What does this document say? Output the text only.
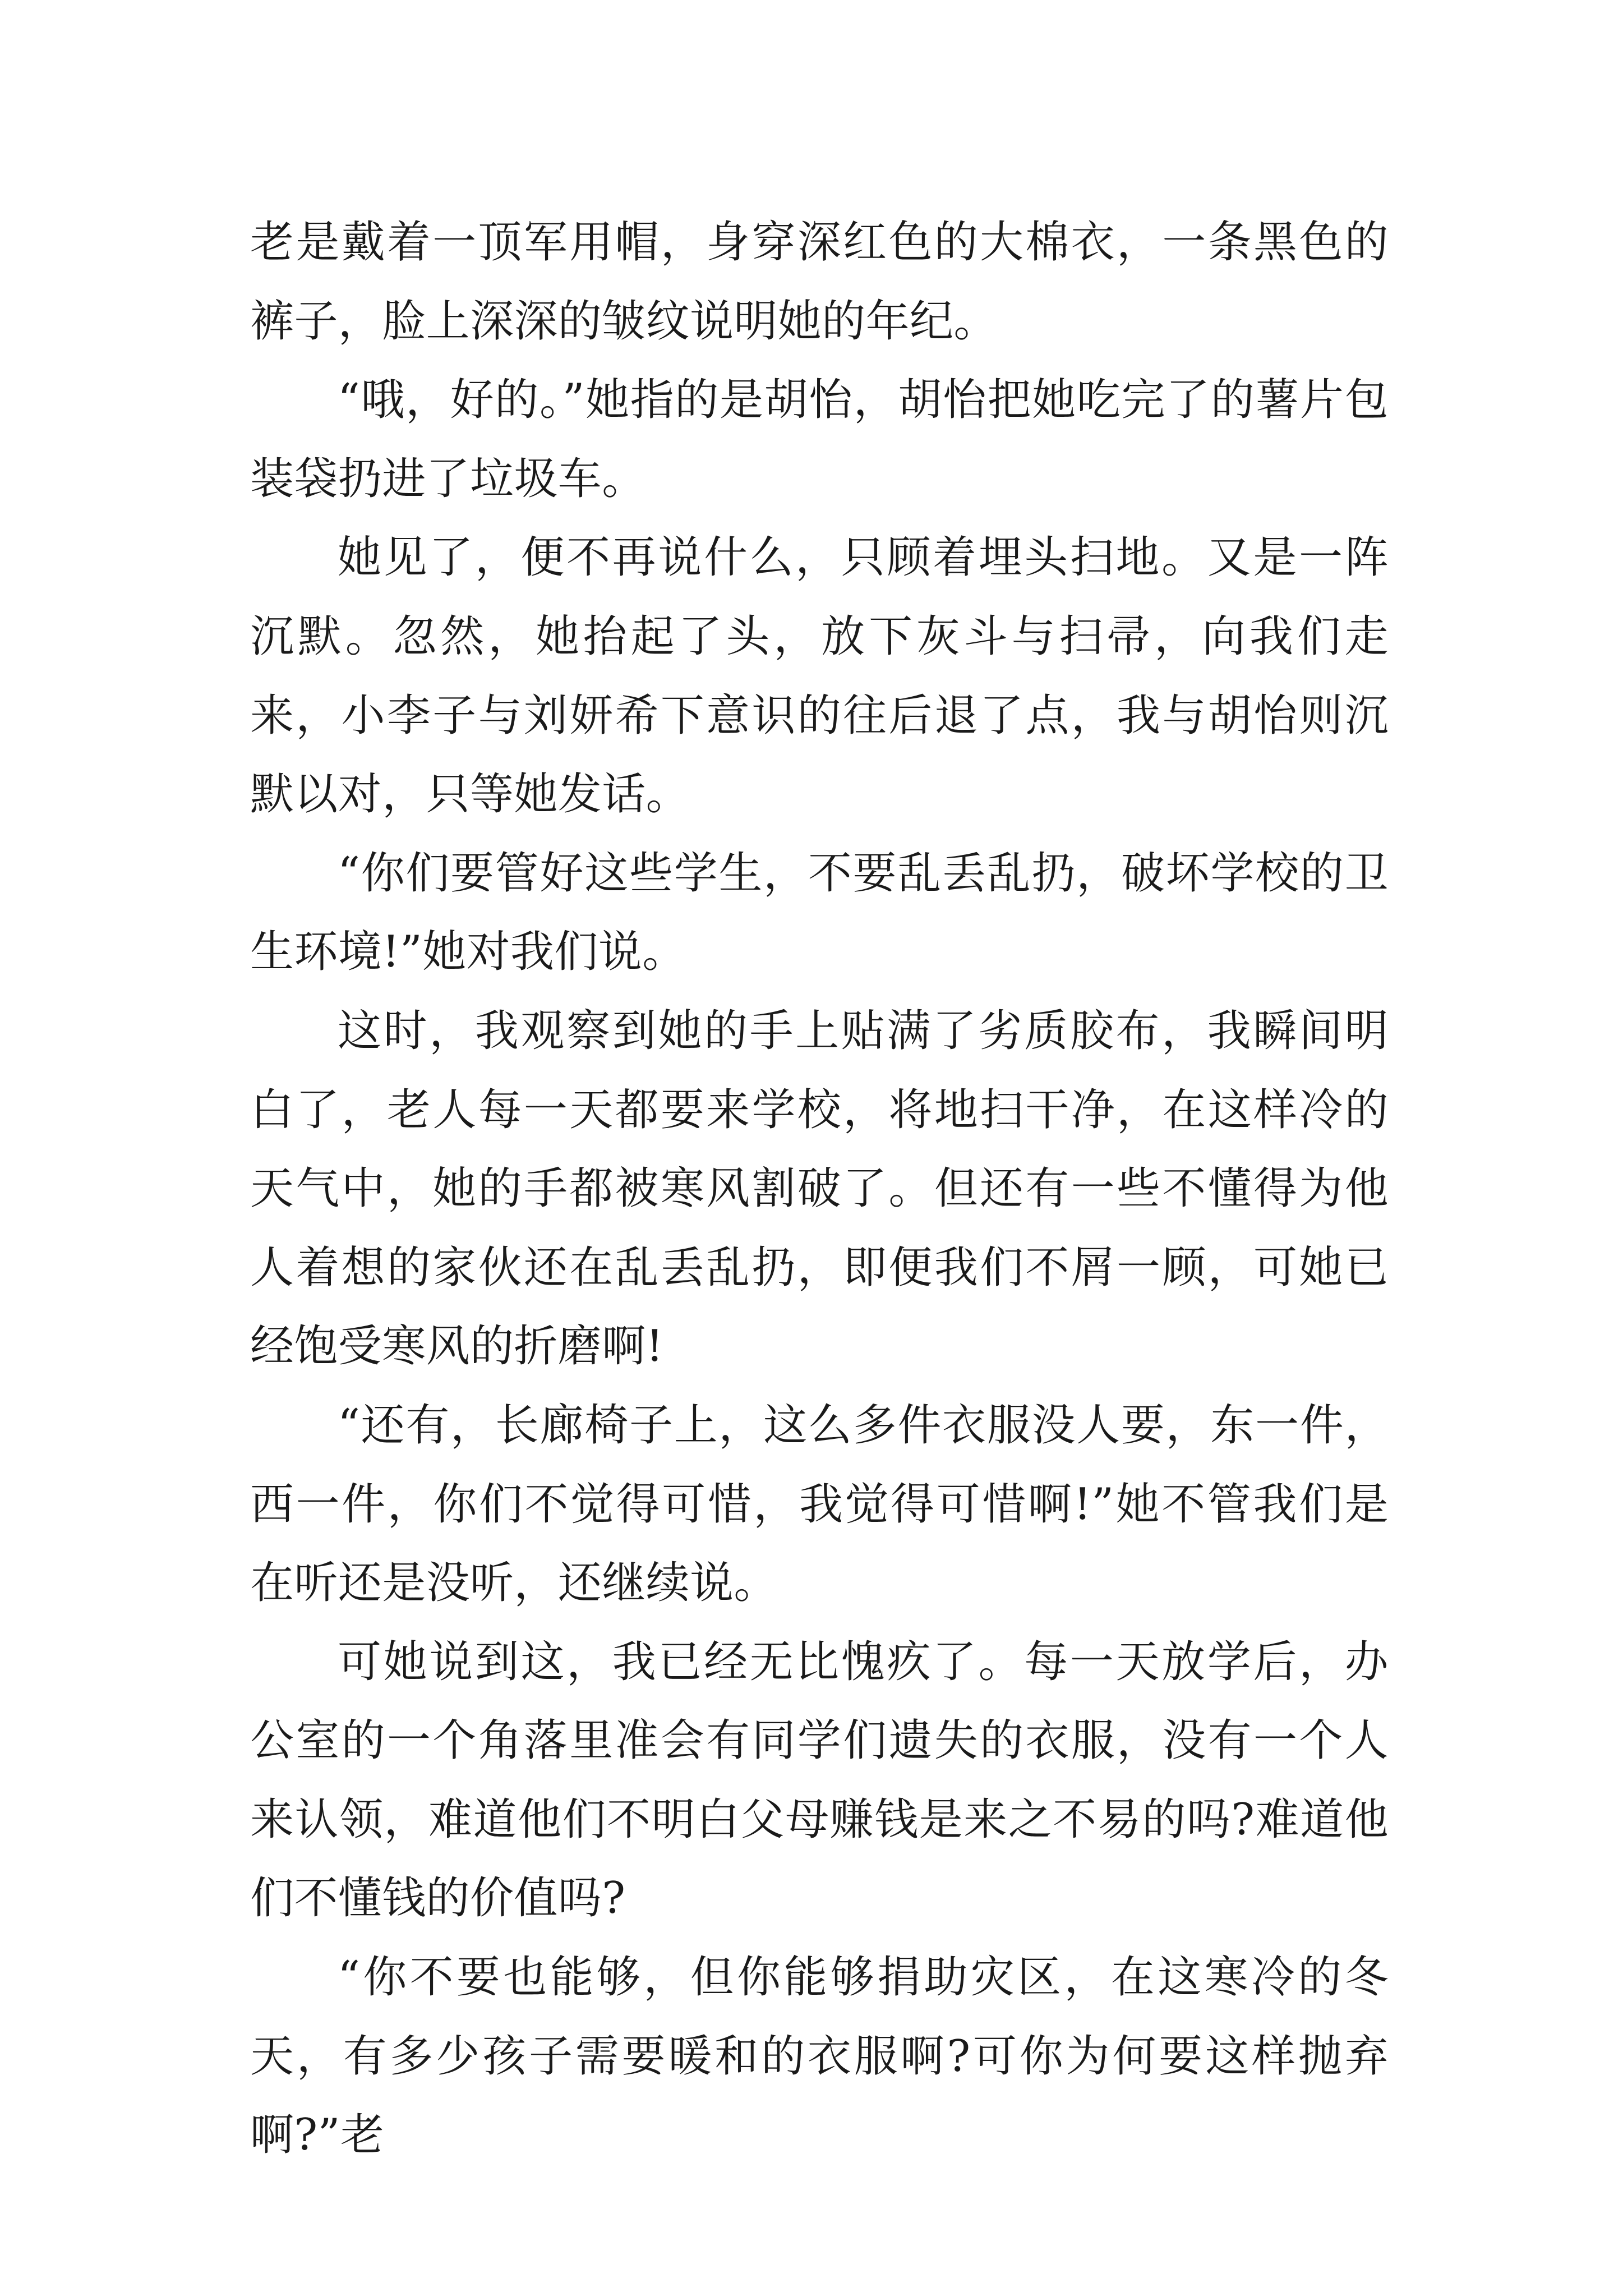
老是戴着一顶军用帽，身穿深红色的大棉衣，一条黑色的裤子，脸上深深的皱纹说明她的年纪。

“哦，好的。”她指的是胡怡，胡怡把她吃完了的薯片包装袋扔进了垃圾车。

她见了，便不再说什么，只顾着埋头扫地。又是一阵沉默。忽然，她抬起了头，放下灰斗与扫帚，向我们走来，小李子与刘妍希下意识的往后退了点，我与胡怡则沉默以对，只等她发话。

“你们要管好这些学生，不要乱丢乱扔，破坏学校的卫生环境!”她对我们说。

这时，我观察到她的手上贴满了劣质胶布，我瞬间明白了，老人每一天都要来学校，将地扫干净，在这样冷的天气中，她的手都被寒风割破了。但还有一些不懂得为他人着想的家伙还在乱丢乱扔，即便我们不屑一顾，可她已经饱受寒风的折磨啊!

“还有，长廊椅子上，这么多件衣服没人要，东一件，西一件，你们不觉得可惜，我觉得可惜啊!”她不管我们是在听还是没听，还继续说。

可她说到这，我已经无比愧疚了。每一天放学后，办公室的一个角落里准会有同学们遗失的衣服，没有一个人来认领，难道他们不明白父母赚钱是来之不易的吗?难道他们不懂钱的价值吗?

“你不要也能够，但你能够捐助灾区，在这寒冷的冬天，有多少孩子需要暖和的衣服啊?可你为何要这样抛弃啊?”老
